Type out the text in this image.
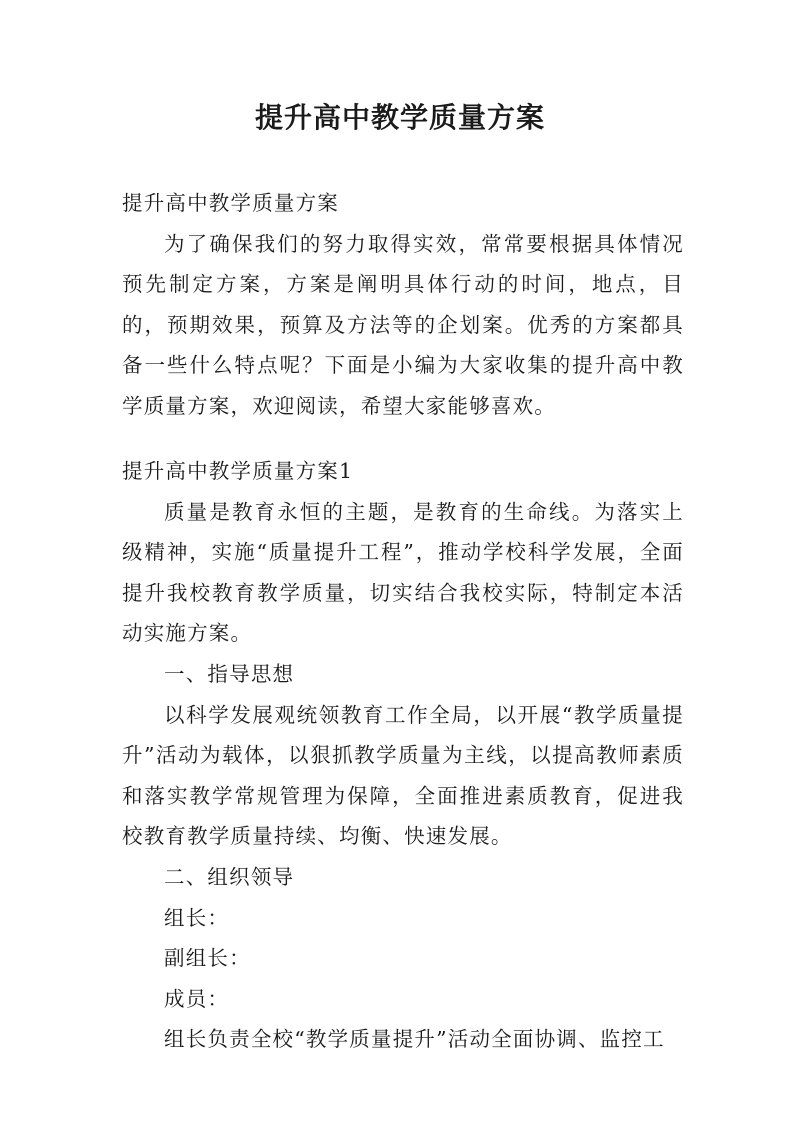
提升高中教学质量方案

提升高中教学质量方案

为了确保我们的努力取得实效，常常要根据具体情况预先制定方案，方案是阐明具体行动的时间，地点，目的，预期效果，预算及方法等的企划案。优秀的方案都具备一些什么特点呢？下面是小编为大家收集的提升高中教学质量方案，欢迎阅读，希望大家能够喜欢。

提升高中教学质量方案1

质量是教育永恒的主题，是教育的生命线。为落实上级精神，实施“质量提升工程”，推动学校科学发展，全面提升我校教育教学质量，切实结合我校实际，特制定本活动实施方案。

一、指导思想

以科学发展观统领教育工作全局，以开展“教学质量提升”活动为载体，以狠抓教学质量为主线，以提高教师素质和落实教学常规管理为保障，全面推进素质教育，促进我校教育教学质量持续、均衡、快速发展。

二、组织领导

组长：

副组长：

成员：

组长负责全校“教学质量提升”活动全面协调、监控工
